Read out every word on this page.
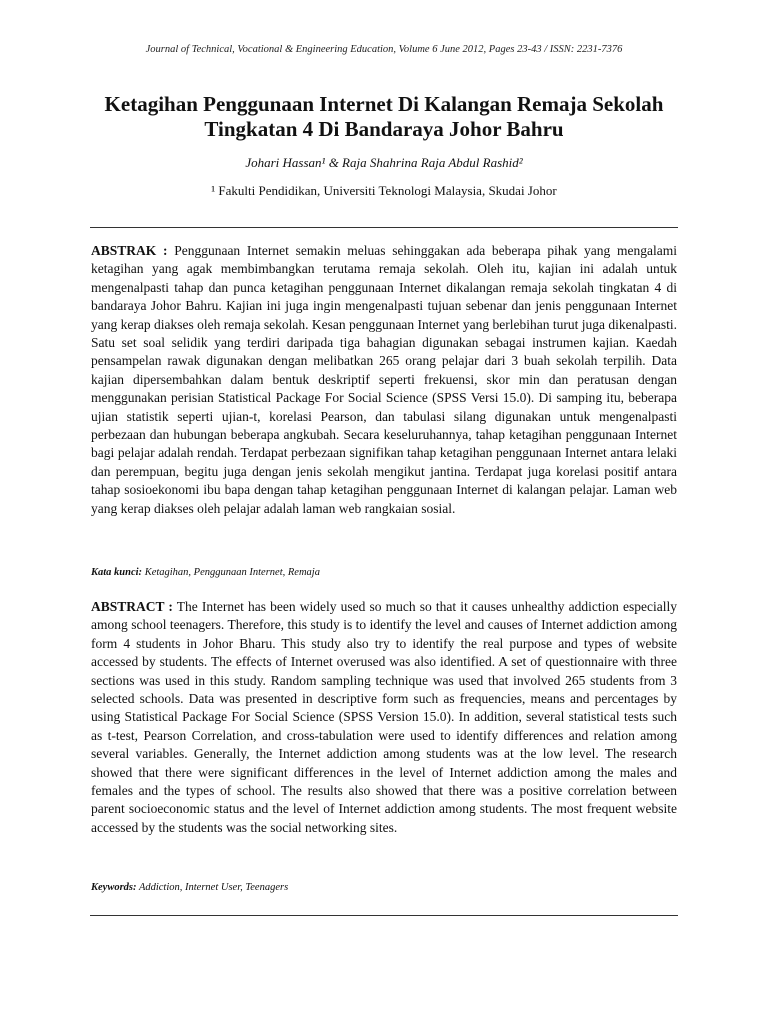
Journal of Technical, Vocational & Engineering Education, Volume 6 June 2012, Pages 23-43 / ISSN: 2231-7376
Ketagihan Penggunaan Internet Di Kalangan Remaja Sekolah Tingkatan 4 Di Bandaraya Johor Bahru
Johari Hassan¹ & Raja Shahrina Raja Abdul Rashid²
¹ Fakulti Pendidikan, Universiti Teknologi Malaysia, Skudai Johor

ABSTRAK : Penggunaan Internet semakin meluas sehinggakan ada beberapa pihak yang mengalami ketagihan yang agak membimbangkan terutama remaja sekolah. Oleh itu, kajian ini adalah untuk mengenalpasti tahap dan punca ketagihan penggunaan Internet dikalangan remaja sekolah tingkatan 4 di bandaraya Johor Bahru. Kajian ini juga ingin mengenalpasti tujuan sebenar dan jenis penggunaan Internet yang kerap diakses oleh remaja sekolah. Kesan penggunaan Internet yang berlebihan turut juga dikenalpasti. Satu set soal selidik yang terdiri daripada tiga bahagian digunakan sebagai instrumen kajian. Kaedah pensampelan rawak digunakan dengan melibatkan 265 orang pelajar dari 3 buah sekolah terpilih. Data kajian dipersembahkan dalam bentuk deskriptif seperti frekuensi, skor min dan peratusan dengan menggunakan perisian Statistical Package For Social Science (SPSS Versi 15.0). Di samping itu, beberapa ujian statistik seperti ujian-t, korelasi Pearson, dan tabulasi silang digunakan untuk mengenalpasti perbezaan dan hubungan beberapa angkubah. Secara keseluruhannya, tahap ketagihan penggunaan Internet bagi pelajar adalah rendah. Terdapat perbezaan signifikan tahap ketagihan penggunaan Internet antara lelaki dan perempuan, begitu juga dengan jenis sekolah mengikut jantina. Terdapat juga korelasi positif antara tahap sosioekonomi ibu bapa dengan tahap ketagihan penggunaan Internet di kalangan pelajar. Laman web yang kerap diakses oleh pelajar adalah laman web rangkaian sosial.

Kata kunci: Ketagihan, Penggunaan Internet, Remaja

ABSTRACT : The Internet has been widely used so much so that it causes unhealthy addiction especially among school teenagers. Therefore, this study is to identify the level and causes of Internet addiction among form 4 students in Johor Bharu. This study also try to identify the real purpose and types of website accessed by students. The effects of Internet overused was also identified. A set of questionnaire with three sections was used in this study. Random sampling technique was used that involved 265 students from 3 selected schools. Data was presented in descriptive form such as frequencies, means and percentages by using Statistical Package For Social Science (SPSS Version 15.0). In addition, several statistical tests such as t-test, Pearson Correlation, and cross-tabulation were used to identify differences and relation among several variables. Generally, the Internet addiction among students was at the low level. The research showed that there were significant differences in the level of Internet addiction among the males and females and the types of school. The results also showed that there was a positive correlation between parent socioeconomic status and the level of Internet addiction among students. The most frequent website accessed by the students was the social networking sites.

Keywords: Addiction, Internet User, Teenagers
